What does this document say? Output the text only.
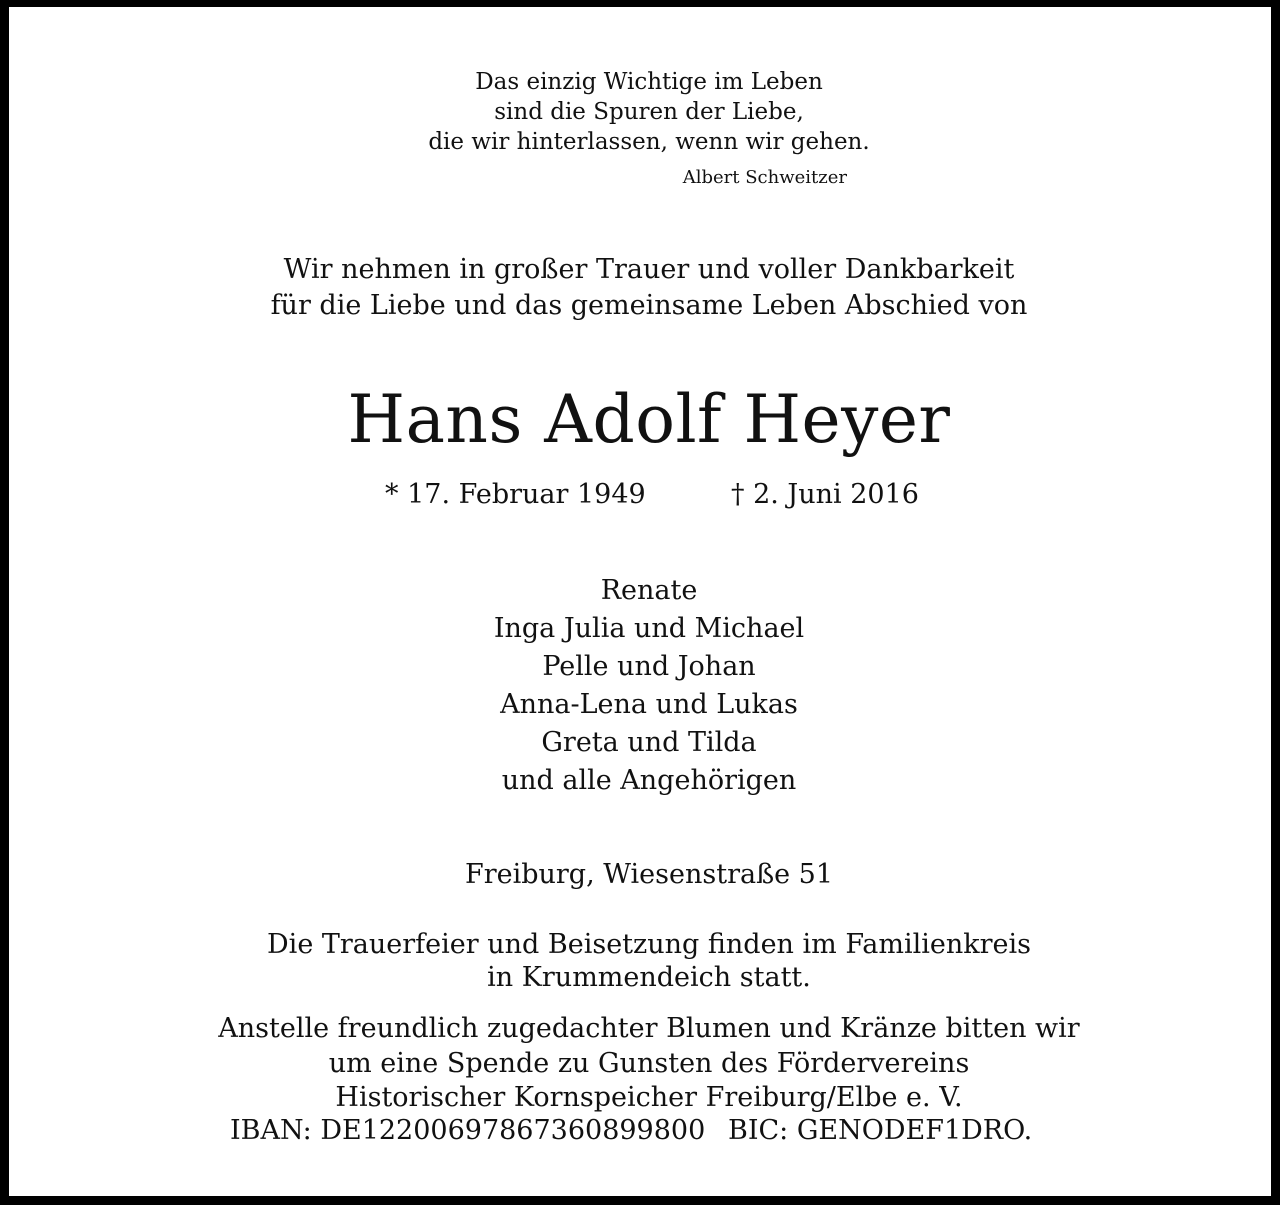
Das einzig Wichtige im Leben
sind die Spuren der Liebe,
die wir hinterlassen, wenn wir gehen.
Albert Schweitzer
Wir nehmen in großer Trauer und voller Dankbarkeit
für die Liebe und das gemeinsame Leben Abschied von
Hans Adolf Heyer
* 17. Februar 1949	† 2. Juni 2016
Renate
Inga Julia und Michael
Pelle und Johan
Anna-Lena und Lukas
Greta und Tilda
und alle Angehörigen
Freiburg, Wiesenstraße 51
Die Trauerfeier und Beisetzung finden im Familienkreis
in Krummendeich statt.
Anstelle freundlich zugedachter Blumen und Kränze bitten wir
um eine Spende zu Gunsten des Fördervereins
Historischer Kornspeicher Freiburg/Elbe e. V.
IBAN: DE12200697867360899800 BIC: GENODEF1DRO.
